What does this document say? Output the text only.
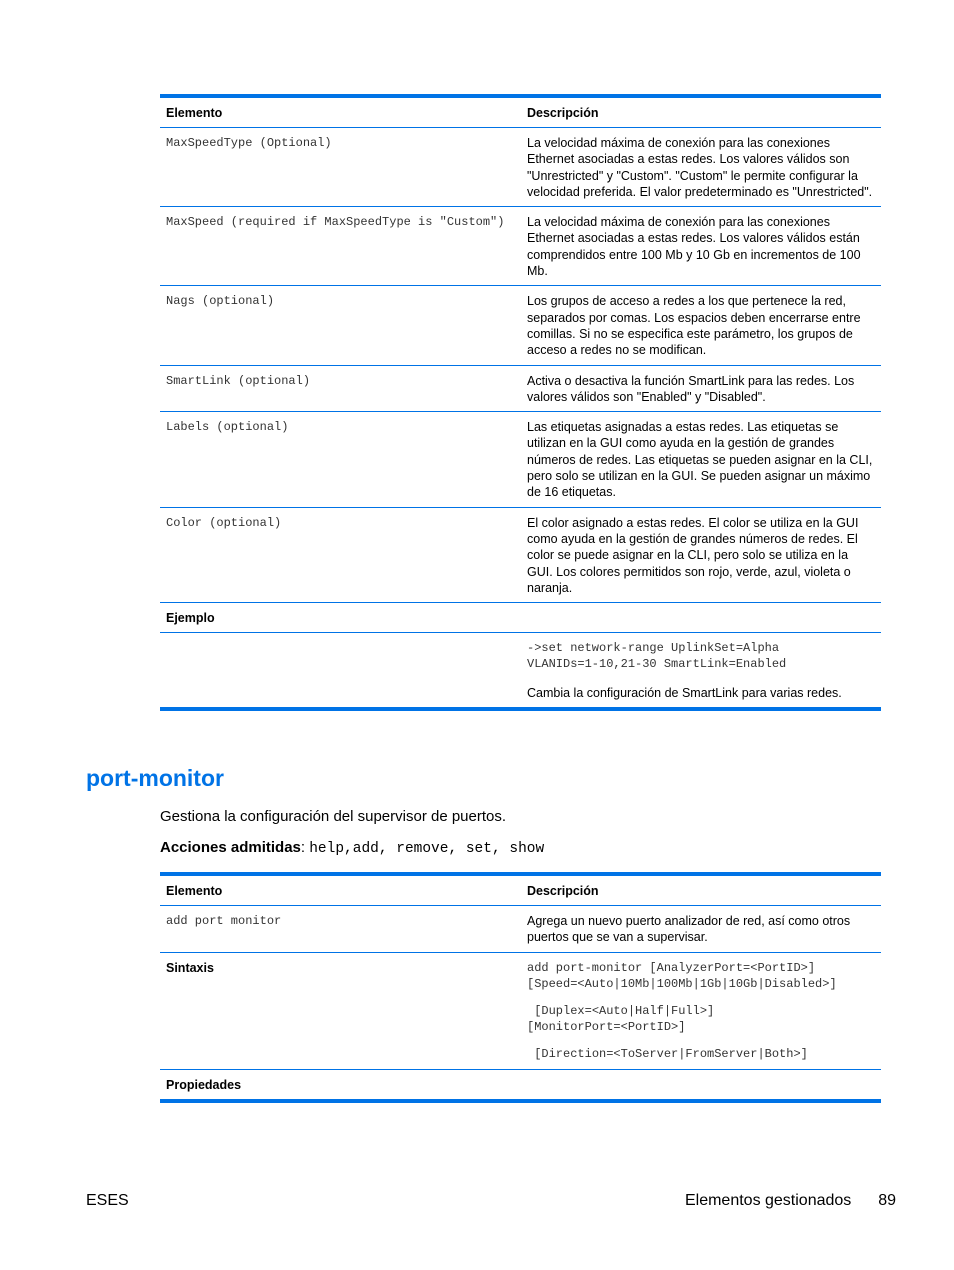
Elemento	Descripción
MaxSpeedType (Optional)	La velocidad máxima de conexión para las conexiones Ethernet asociadas a estas redes. Los valores válidos son "Unrestricted" y "Custom". "Custom" le permite configurar la velocidad preferida. El valor predeterminado es "Unrestricted".
MaxSpeed (required if MaxSpeedType is "Custom")	La velocidad máxima de conexión para las conexiones Ethernet asociadas a estas redes. Los valores válidos están comprendidos entre 100 Mb y 10 Gb en incrementos de 100 Mb.
Nags (optional)	Los grupos de acceso a redes a los que pertenece la red, separados por comas. Los espacios deben encerrarse entre comillas. Si no se especifica este parámetro, los grupos de acceso a redes no se modifican.
SmartLink (optional)	Activa o desactiva la función SmartLink para las redes. Los valores válidos son "Enabled" y "Disabled".
Labels (optional)	Las etiquetas asignadas a estas redes. Las etiquetas se utilizan en la GUI como ayuda en la gestión de grandes números de redes. Las etiquetas se pueden asignar en la CLI, pero solo se utilizan en la GUI. Se pueden asignar un máximo de 16 etiquetas.
Color (optional)	El color asignado a estas redes. El color se utiliza en la GUI como ayuda en la gestión de grandes números de redes. El color se puede asignar en la CLI, pero solo se utiliza en la GUI. Los colores permitidos son rojo, verde, azul, violeta o naranja.
Ejemplo
->set network-range UplinkSet=Alpha
VLANIDs=1-10,21-30 SmartLink=Enabled
Cambia la configuración de SmartLink para varias redes.
port-monitor
Gestiona la configuración del supervisor de puertos.
Acciones admitidas: help,add, remove, set, show
Elemento	Descripción
add port monitor	Agrega un nuevo puerto analizador de red, así como otros puertos que se van a supervisar.
Sintaxis	add port-monitor [AnalyzerPort=<PortID>]
[Speed=<Auto|10Mb|100Mb|1Gb|10Gb|Disabled>]
[Duplex=<Auto|Half|Full>]
[MonitorPort=<PortID>]
[Direction=<ToServer|FromServer|Both>]
Propiedades
ESES	Elementos gestionados 89
